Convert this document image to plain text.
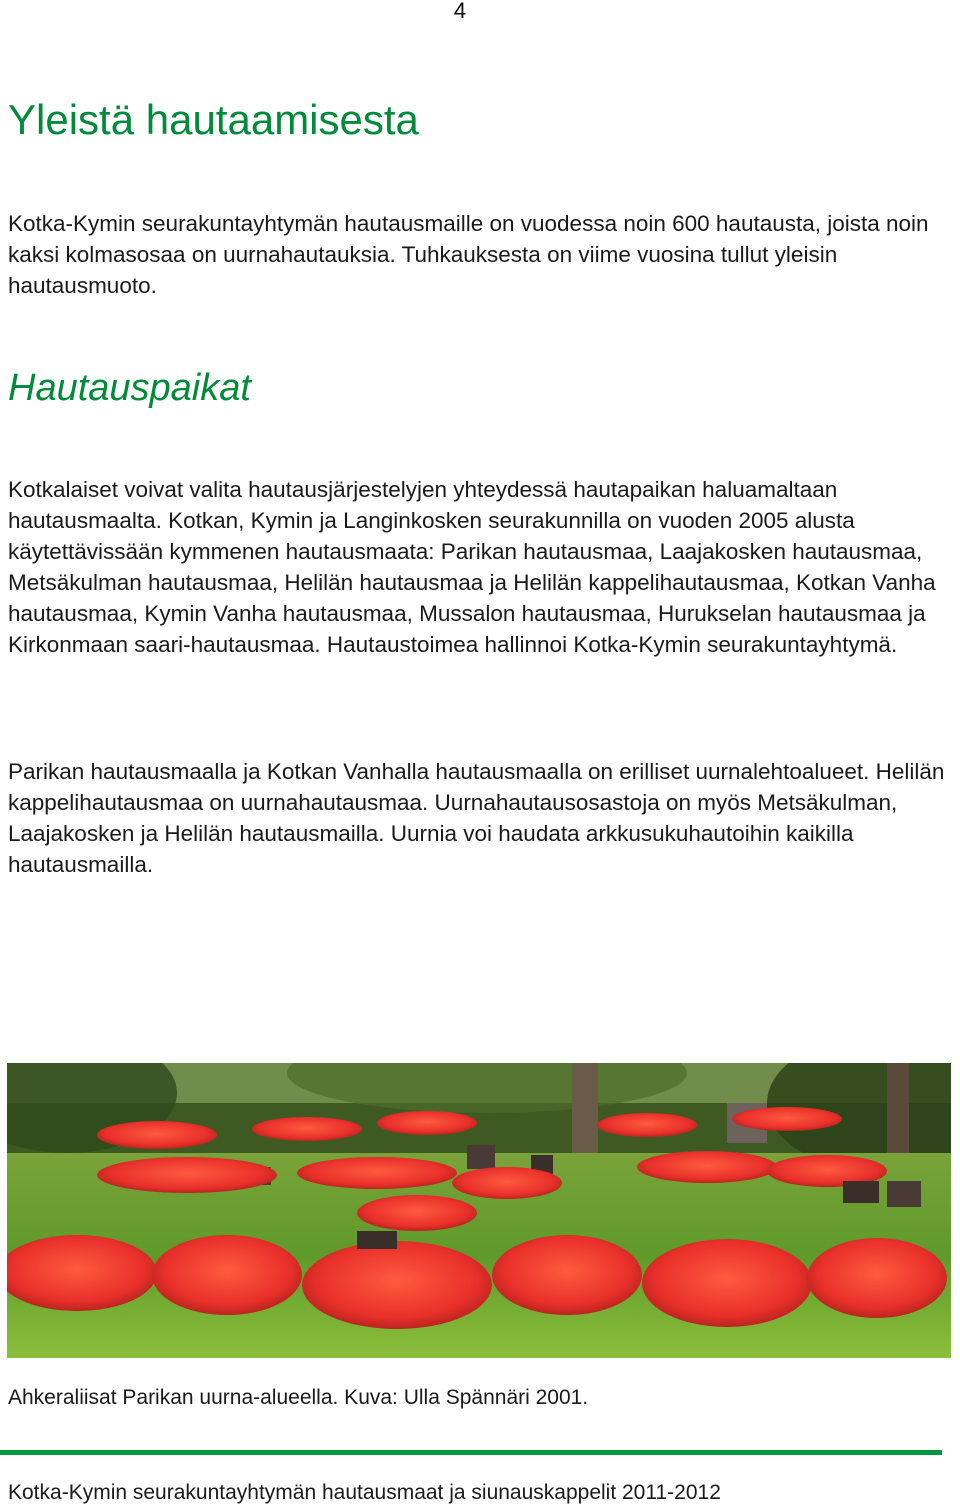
4
Yleistä hautaamisesta

Kotka-Kymin seurakuntayhtymän hautausmaille on vuodessa noin 600 hautausta, joista noin kaksi kolmasosaa on uurnahautauksia. Tuhkauksesta on viime vuosina tullut yleisin hautausmuoto.

Hautauspaikat

Kotkalaiset voivat valita hautausjärjestelyjen yhteydessä hautapaikan haluamaltaan hautausmaalta. Kotkan, Kymin ja Langinkosken seurakunnilla on vuoden 2005 alusta käytettävissään kymmenen hautausmaata: Parikan hautausmaa, Laajakosken hautausmaa, Metsäkulman hautausmaa, Helilän hautausmaa ja Helilän kappelihautausmaa, Kotkan Vanha hautausmaa, Kymin Vanha hautausmaa, Mussalon hautausmaa, Hurukselan hautausmaa ja Kirkonmaan saari-hautausmaa. Hautaustoimea hallinnoi Kotka-Kymin seurakuntayhtymä.

Parikan hautausmaalla ja Kotkan Vanhalla hautausmaalla on erilliset uurnalehtoalueet. Helilän kappelihautausmaa on uurnahautausmaa. Uurnahautausosastoja on myös Metsäkulman, Laajakosken ja Helilän hautausmailla. Uurnia voi haudata arkkusukuhautoihin kaikilla hautausmailla.

Ahkeraliisat Parikan uurna-alueella. Kuva: Ulla Spännäri 2001.

Kotka-Kymin seurakuntayhtymän hautausmaat ja siunauskappelit 2011-2012
